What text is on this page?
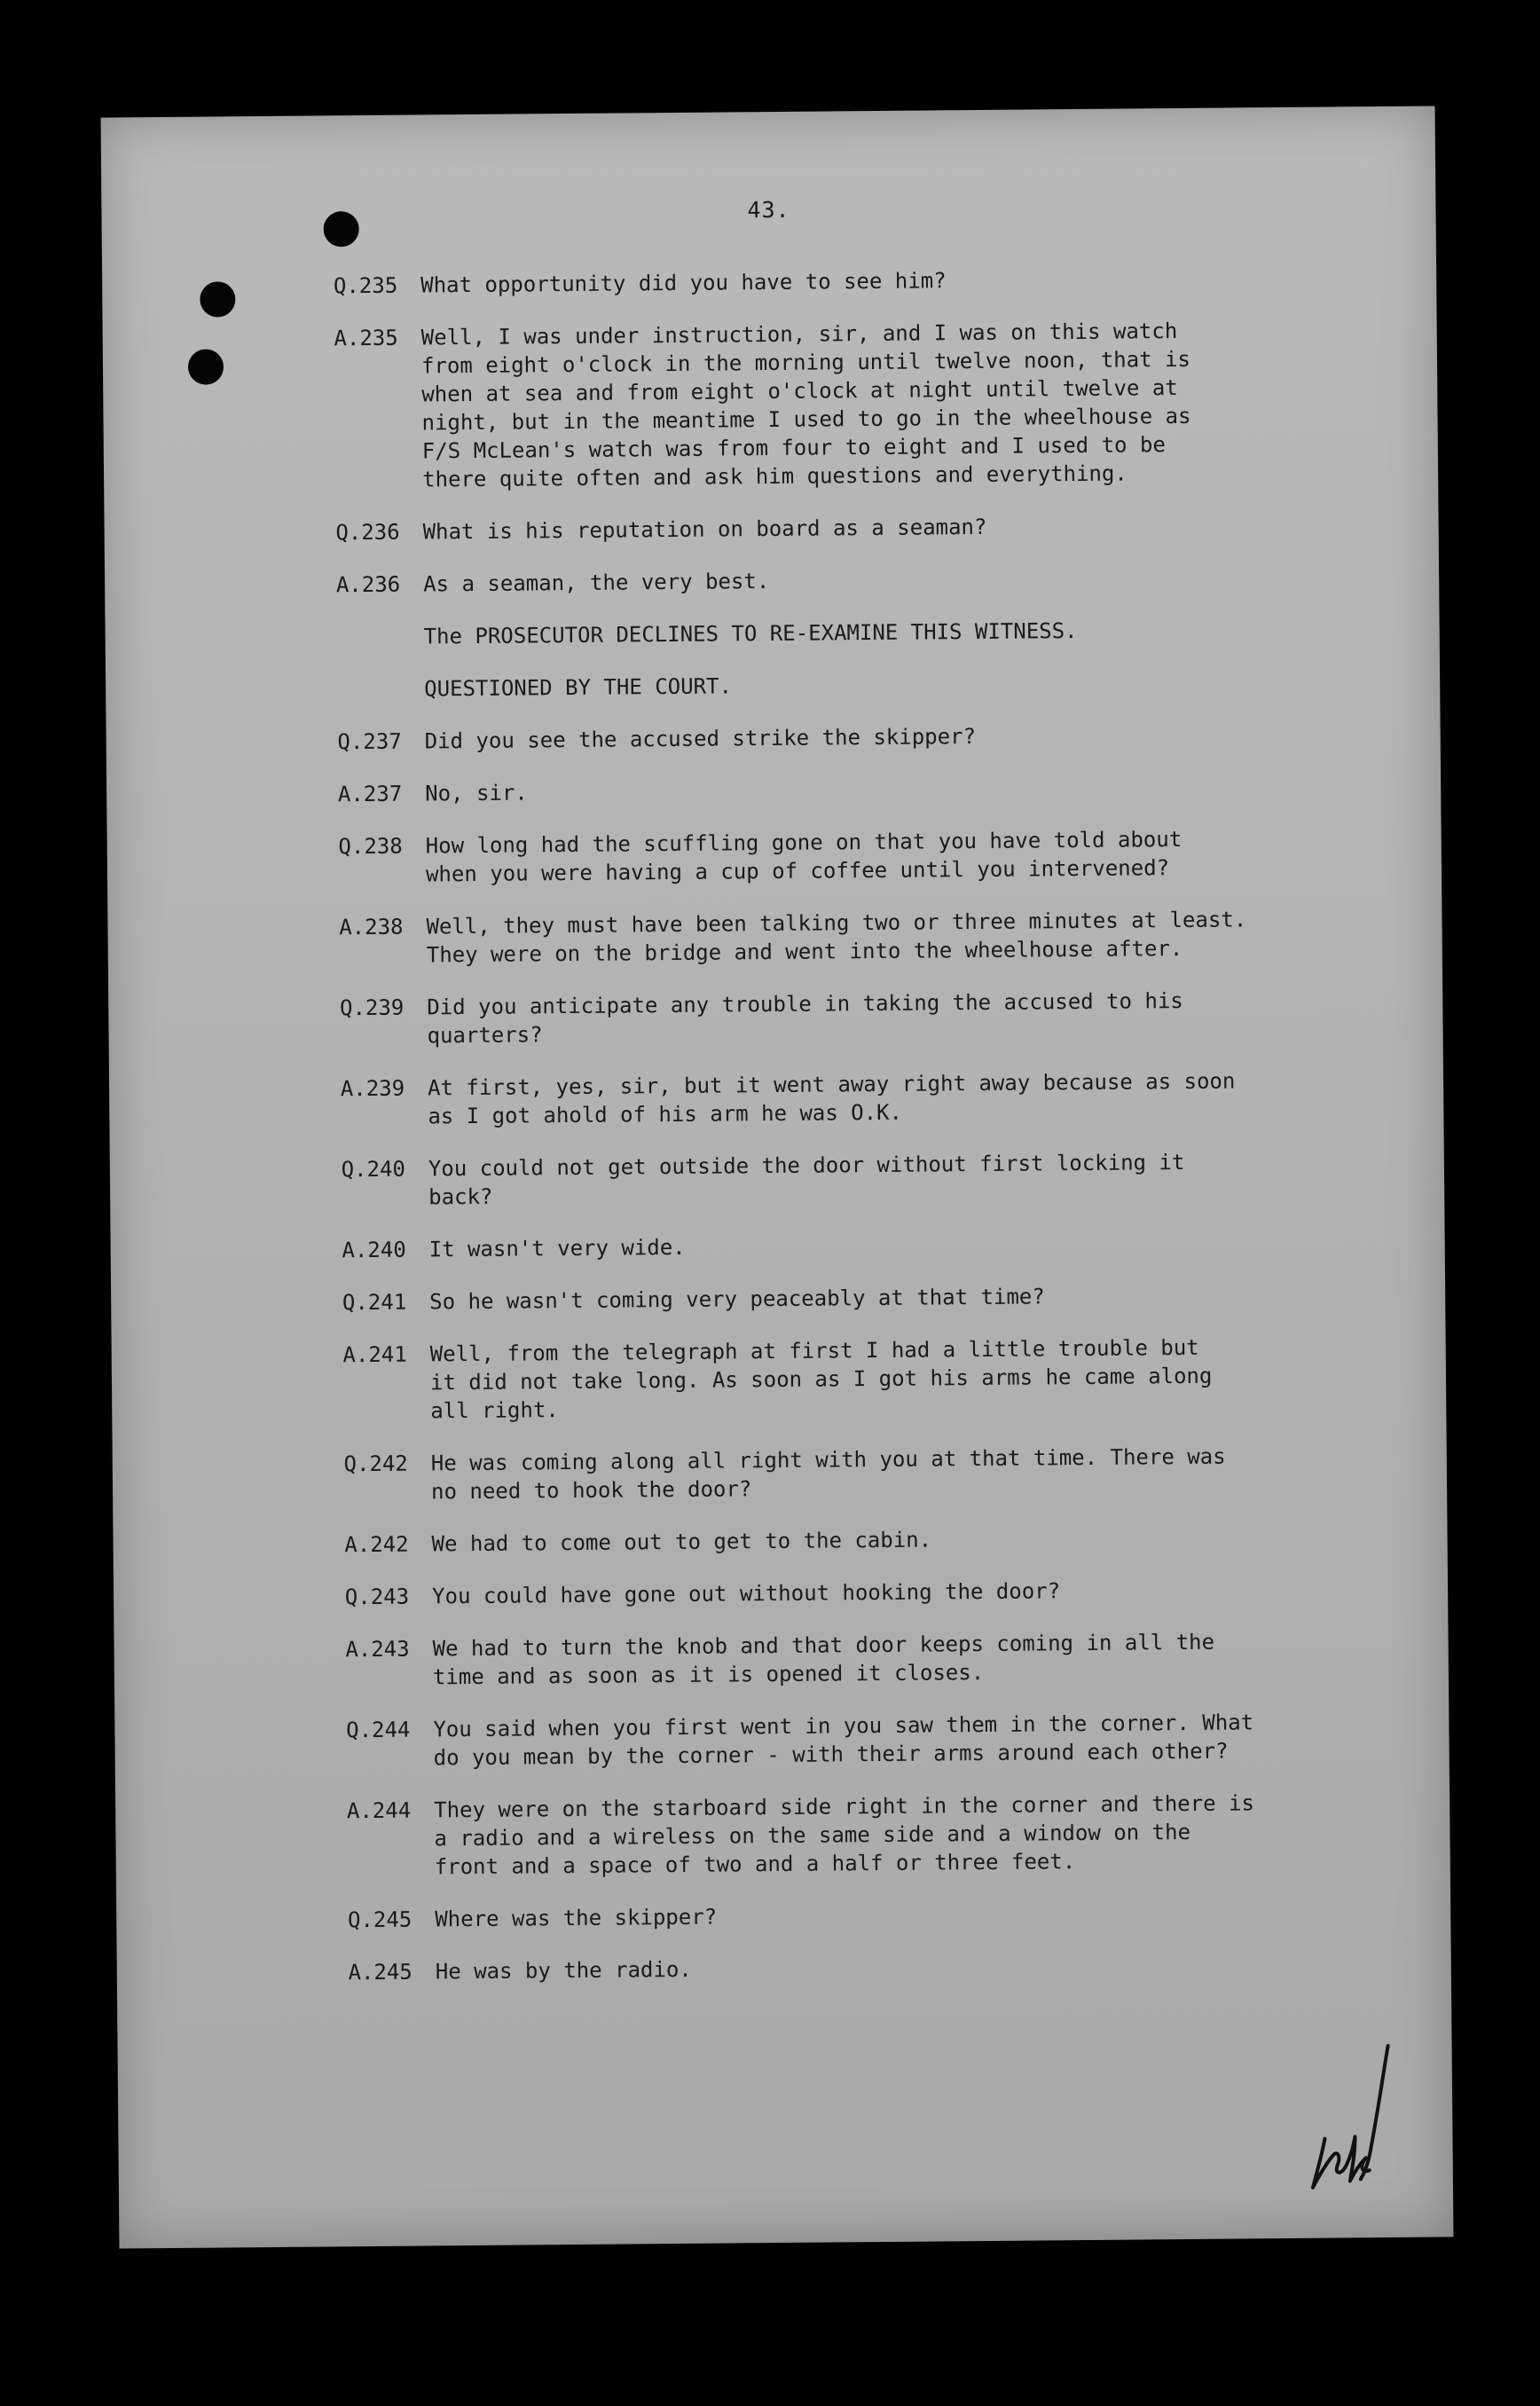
43.
Q.235 What opportunity did you have to see him?
A.235 Well, I was under instruction, sir, and I was on this watch
from eight o'clock in the morning until twelve noon, that is
when at sea and from eight o'clock at night until twelve at
night, but in the meantime I used to go in the wheelhouse as
F/S McLean's watch was from four to eight and I used to be
there quite often and ask him questions and everything.
Q.236 What is his reputation on board as a seaman?
A.236 As a seaman, the very best.
The PROSECUTOR DECLINES TO RE-EXAMINE THIS WITNESS.
QUESTIONED BY THE COURT.
Q.237 Did you see the accused strike the skipper?
A.237 No, sir.
Q.238 How long had the scuffling gone on that you have told about
when you were having a cup of coffee until you intervened?
A.238 Well, they must have been talking two or three minutes at least.
They were on the bridge and went into the wheelhouse after.
Q.239 Did you anticipate any trouble in taking the accused to his
quarters?
A.239 At first, yes, sir, but it went away right away because as soon
as I got ahold of his arm he was O.K.
Q.240 You could not get outside the door without first locking it
back?
A.240 It wasn't very wide.
Q.241 So he wasn't coming very peaceably at that time?
A.241 Well, from the telegraph at first I had a little trouble but
it did not take long. As soon as I got his arms he came along
all right.
Q.242 He was coming along all right with you at that time. There was
no need to hook the door?
A.242 We had to come out to get to the cabin.
Q.243 You could have gone out without hooking the door?
A.243 We had to turn the knob and that door keeps coming in all the
time and as soon as it is opened it closes.
Q.244 You said when you first went in you saw them in the corner. What
do you mean by the corner - with their arms around each other?
A.244 They were on the starboard side right in the corner and there is
a radio and a wireless on the same side and a window on the
front and a space of two and a half or three feet.
Q.245 Where was the skipper?
A.245 He was by the radio.
